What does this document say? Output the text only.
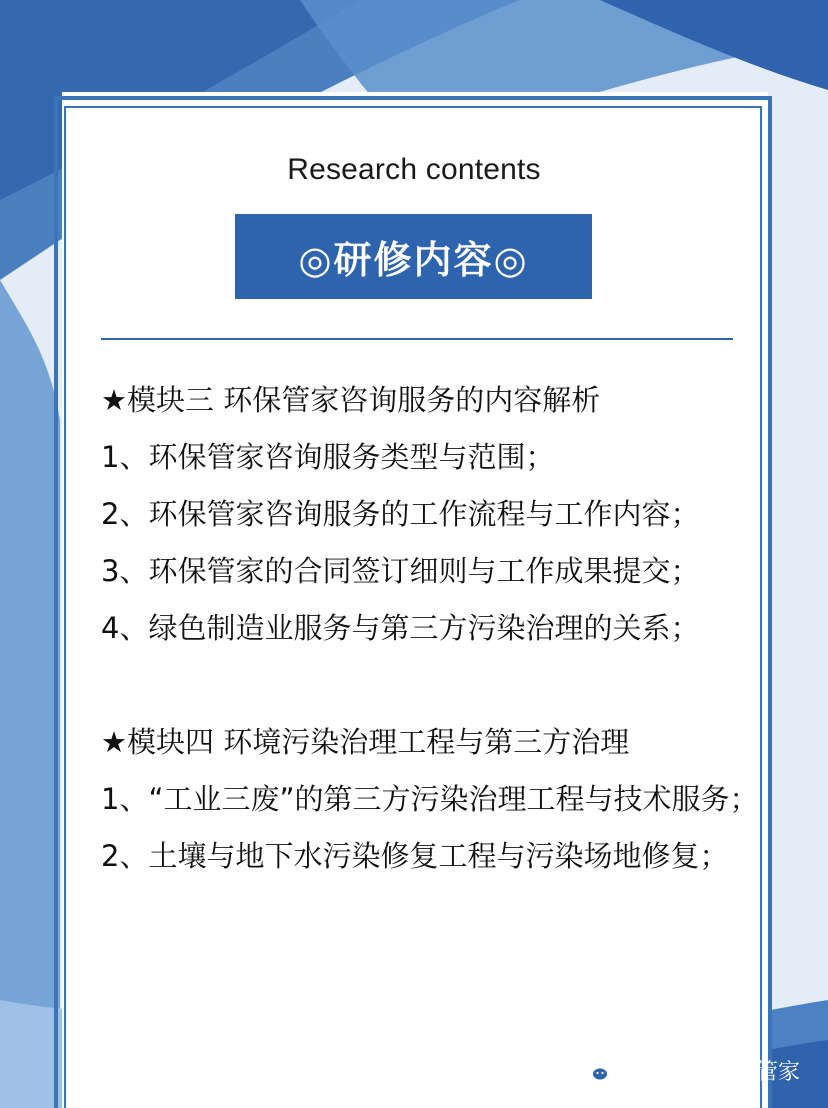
Research contents
◎研修内容◎

★模块三 环保管家咨询服务的内容解析

1、环保管家咨询服务类型与范围；

2、环保管家咨询服务的工作流程与工作内容；

3、环保管家的合同签订细则与工作成果提交；

4、绿色制造业服务与第三方污染治理的关系；

★模块四 环境污染治理工程与第三方治理

1、“工业三废”的第三方污染治理工程与技术服务；

2、土壤与地下水污染修复工程与污染场地修复；

越华|润华环保管家
